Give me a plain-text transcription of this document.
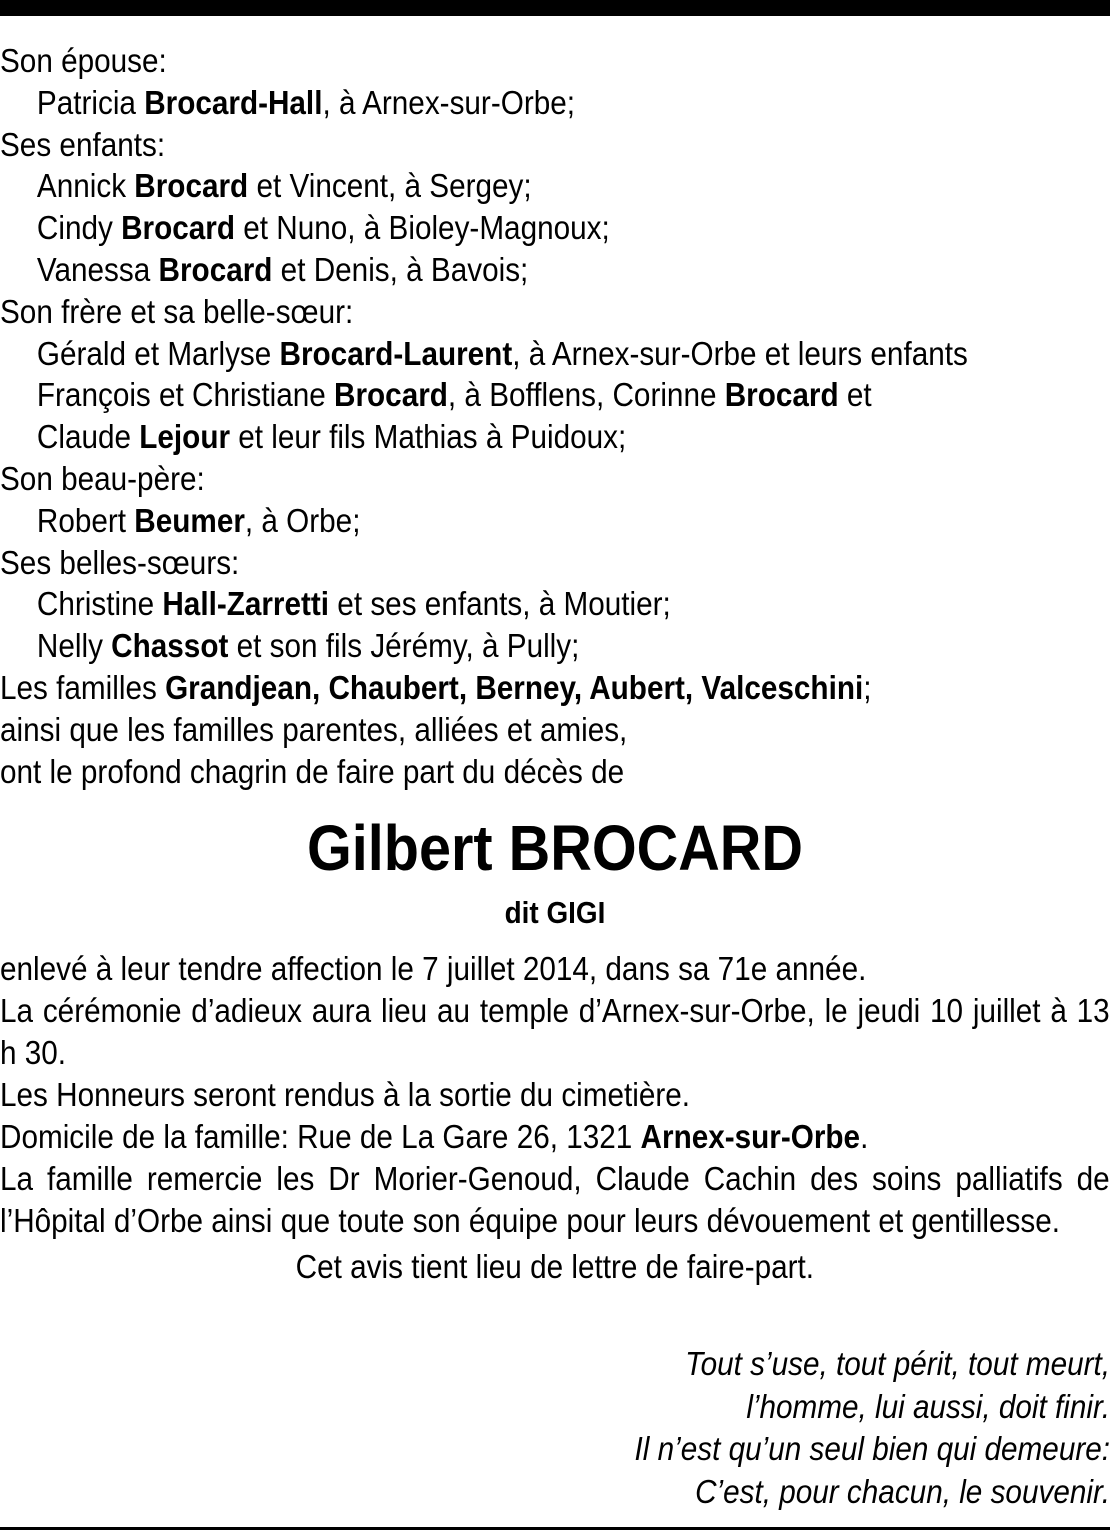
Son épouse:

Patricia Brocard-Hall, à Arnex-sur-Orbe;

Ses enfants:

Annick Brocard et Vincent, à Sergey;

Cindy Brocard et Nuno, à Bioley-Magnoux;

Vanessa Brocard et Denis, à Bavois;

Son frère et sa belle-sœur:

Gérald et Marlyse Brocard-Laurent, à Arnex-sur-Orbe et leurs enfants

François et Christiane Brocard, à Bofflens, Corinne Brocard et

Claude Lejour et leur fils Mathias à Puidoux;

Son beau-père:

Robert Beumer, à Orbe;

Ses belles-sœurs:

Christine Hall-Zarretti et ses enfants, à Moutier;

Nelly Chassot et son fils Jérémy, à Pully;

Les familles Grandjean, Chaubert, Berney, Aubert, Valceschini;

ainsi que les familles parentes, alliées et amies,

ont le profond chagrin de faire part du décès de

Gilbert BROCARD
dit GIGI

enlevé à leur tendre affection le 7 juillet 2014, dans sa 71e année.

La cérémonie d’adieux aura lieu au temple d’Arnex-sur-Orbe, le jeudi 10 juillet à 13 h 30.

Les Honneurs seront rendus à la sortie du cimetière.

Domicile de la famille: Rue de La Gare 26, 1321 Arnex-sur-Orbe.

La famille remercie les Dr Morier-Genoud, Claude Cachin des soins palliatifs de l’Hôpital d’Orbe ainsi que toute son équipe pour leurs dévouement et gentillesse.

Cet avis tient lieu de lettre de faire-part.

Tout s’use, tout périt, tout meurt,

l’homme, lui aussi, doit finir.

Il n’est qu’un seul bien qui demeure:

C’est, pour chacun, le souvenir.
